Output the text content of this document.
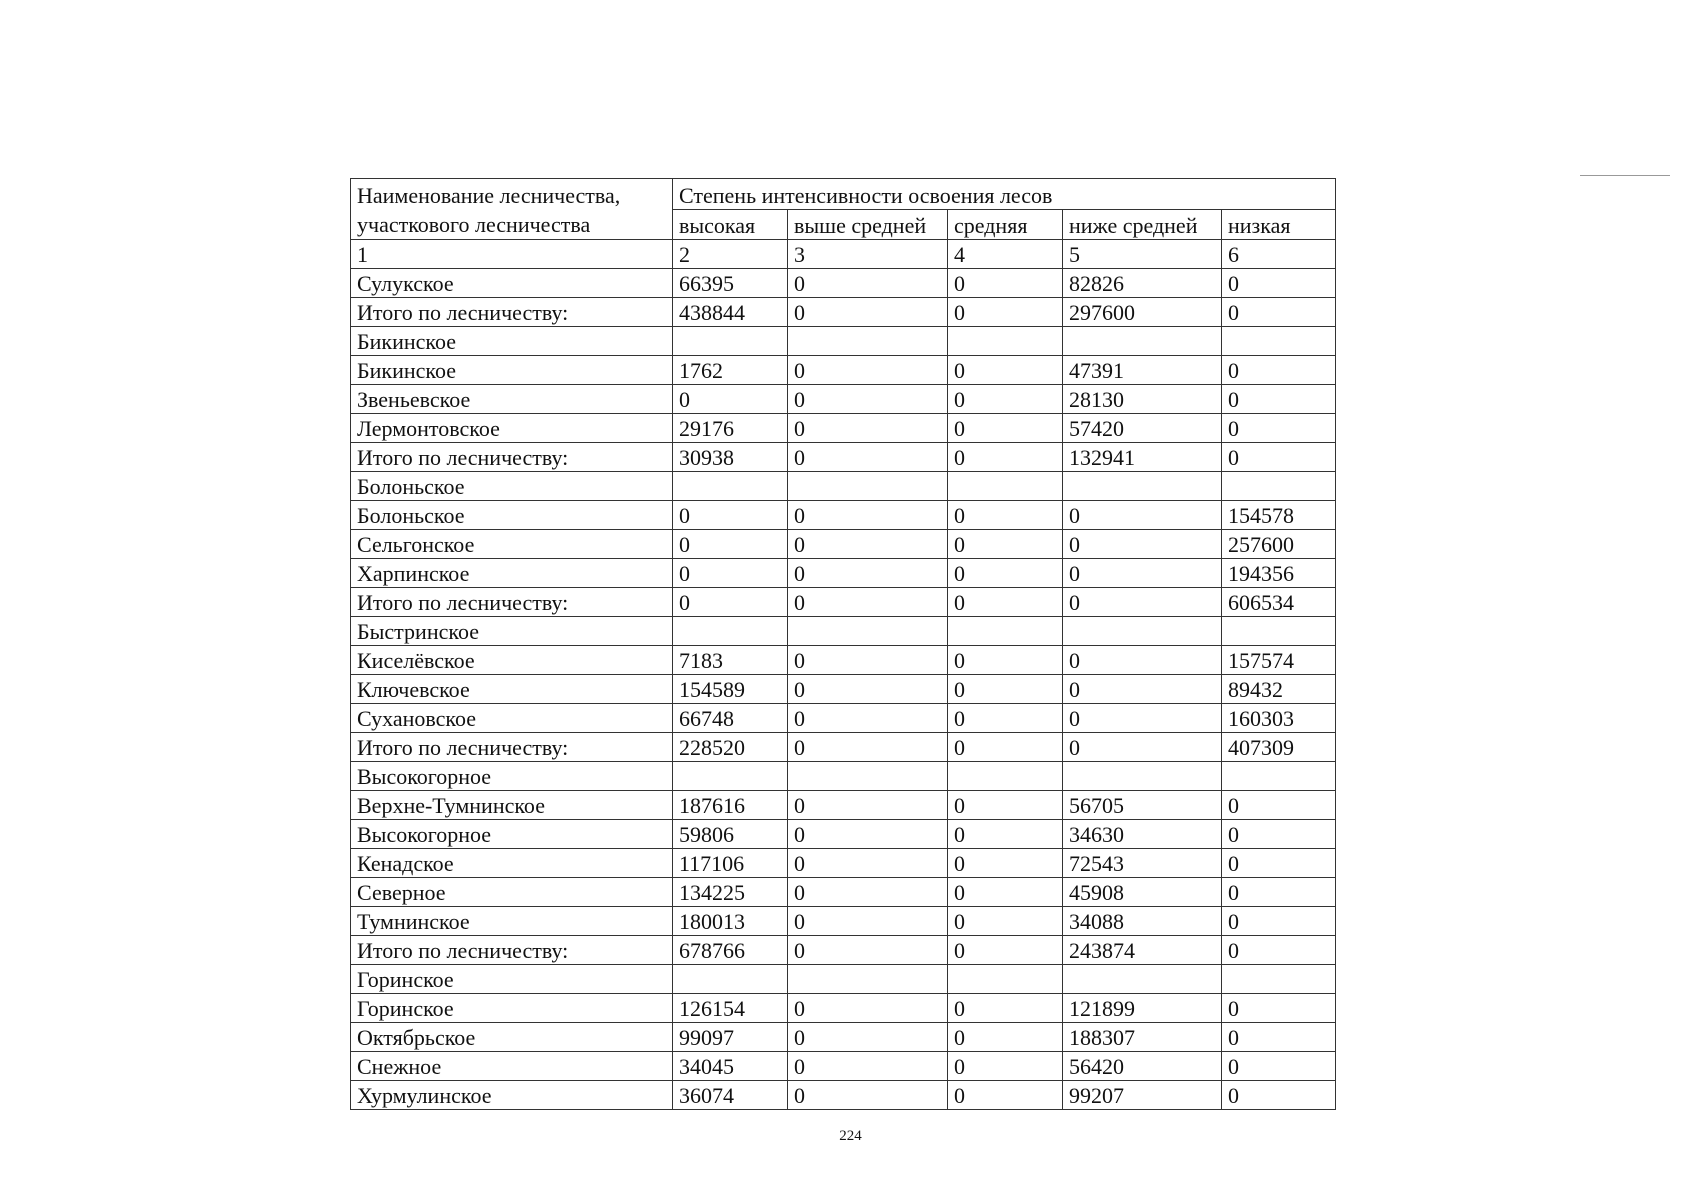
Наименование лесничества, участкового лесничества	Степень интенсивности освоения лесов				
	высокая	выше средней	средняя	ниже средней	низкая
1	2	3	4	5	6
Сулукское	66395	0	0	82826	0
Итого по лесничеству:	438844	0	0	297600	0
Бикинское					
Бикинское	1762	0	0	47391	0
Звеньевское	0	0	0	28130	0
Лермонтовское	29176	0	0	57420	0
Итого по лесничеству:	30938	0	0	132941	0
Болоньское					
Болоньское	0	0	0	0	154578
Сельгонское	0	0	0	0	257600
Харпинское	0	0	0	0	194356
Итого по лесничеству:	0	0	0	0	606534
Быстринское					
Киселёвское	7183	0	0	0	157574
Ключевское	154589	0	0	0	89432
Сухановское	66748	0	0	0	160303
Итого по лесничеству:	228520	0	0	0	407309
Высокогорное					
Верхне-Тумнинское	187616	0	0	56705	0
Высокогорное	59806	0	0	34630	0
Кенадское	117106	0	0	72543	0
Северное	134225	0	0	45908	0
Тумнинское	180013	0	0	34088	0
Итого по лесничеству:	678766	0	0	243874	0
Горинское					
Горинское	126154	0	0	121899	0
Октябрьское	99097	0	0	188307	0
Снежное	34045	0	0	56420	0
Хурмулинское	36074	0	0	99207	0
224
